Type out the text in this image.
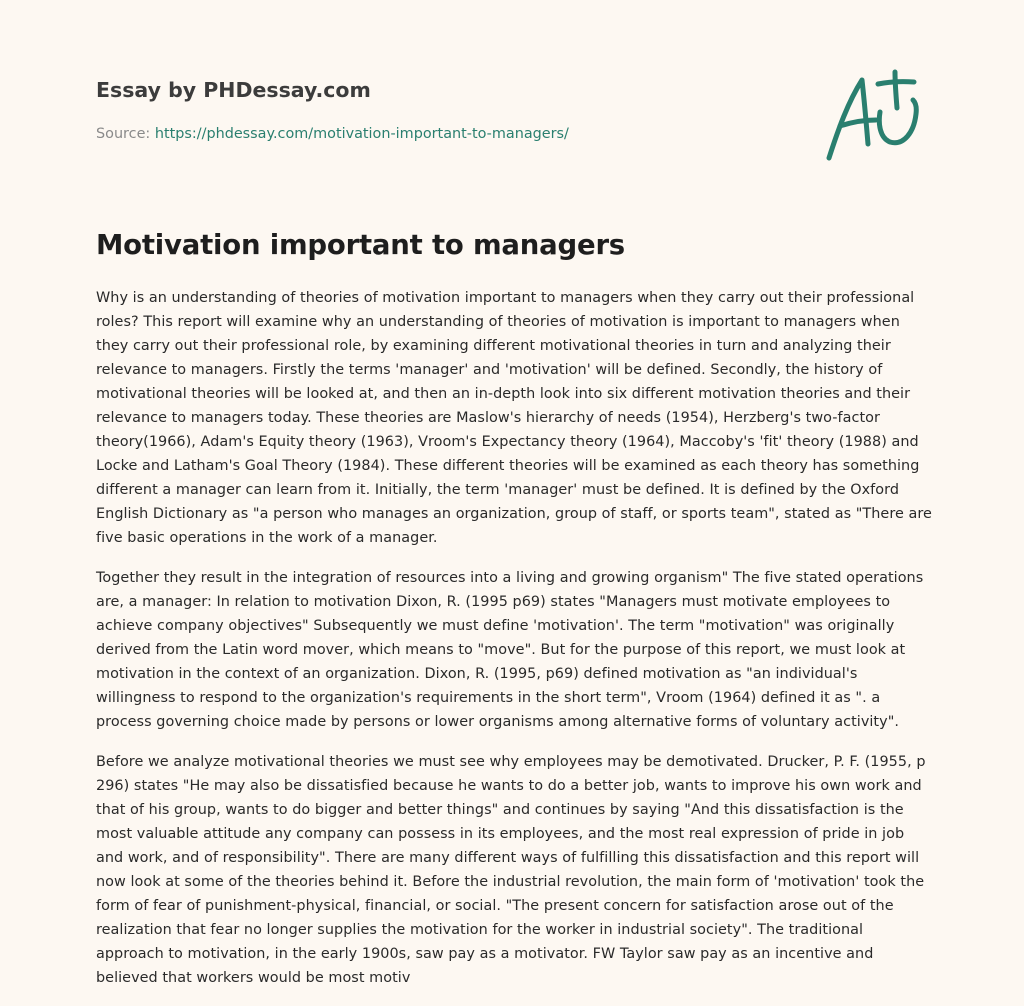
Essay by PHDessay.com
Source: https://phdessay.com/motivation-important-to-managers/
Motivation important to managers

Why is an understanding of theories of motivation important to managers when they carry out their professional roles? This report will examine why an understanding of theories of motivation is important to managers when they carry out their professional role, by examining different motivational theories in turn and analyzing their relevance to managers. Firstly the terms 'manager' and 'motivation' will be defined. Secondly, the history of motivational theories will be looked at, and then an in-depth look into six different motivation theories and their relevance to managers today. These theories are Maslow's hierarchy of needs (1954), Herzberg's two-factor theory(1966), Adam's Equity theory (1963), Vroom's Expectancy theory (1964), Maccoby's 'fit' theory (1988) and Locke and Latham's Goal Theory (1984). These different theories will be examined as each theory has something different a manager can learn from it. Initially, the term 'manager' must be defined. It is defined by the Oxford English Dictionary as "a person who manages an organization, group of staff, or sports team", stated as "There are five basic operations in the work of a manager.

Together they result in the integration of resources into a living and growing organism" The five stated operations are, a manager: In relation to motivation Dixon, R. (1995 p69) states "Managers must motivate employees to achieve company objectives" Subsequently we must define 'motivation'. The term "motivation" was originally derived from the Latin word mover, which means to "move". But for the purpose of this report, we must look at motivation in the context of an organization. Dixon, R. (1995, p69) defined motivation as "an individual's willingness to respond to the organization's requirements in the short term", Vroom (1964) defined it as ". a process governing choice made by persons or lower organisms among alternative forms of voluntary activity".

Before we analyze motivational theories we must see why employees may be demotivated. Drucker, P. F. (1955, p 296) states "He may also be dissatisfied because he wants to do a better job, wants to improve his own work and that of his group, wants to do bigger and better things" and continues by saying "And this dissatisfaction is the most valuable attitude any company can possess in its employees, and the most real expression of pride in job and work, and of responsibility". There are many different ways of fulfilling this dissatisfaction and this report will now look at some of the theories behind it. Before the industrial revolution, the main form of 'motivation' took the form of fear of punishment-physical, financial, or social. "The present concern for satisfaction arose out of the realization that fear no longer supplies the motivation for the worker in industrial society". The traditional approach to motivation, in the early 1900s, saw pay as a motivator. FW Taylor saw pay as an incentive and believed that workers would be most motiv
